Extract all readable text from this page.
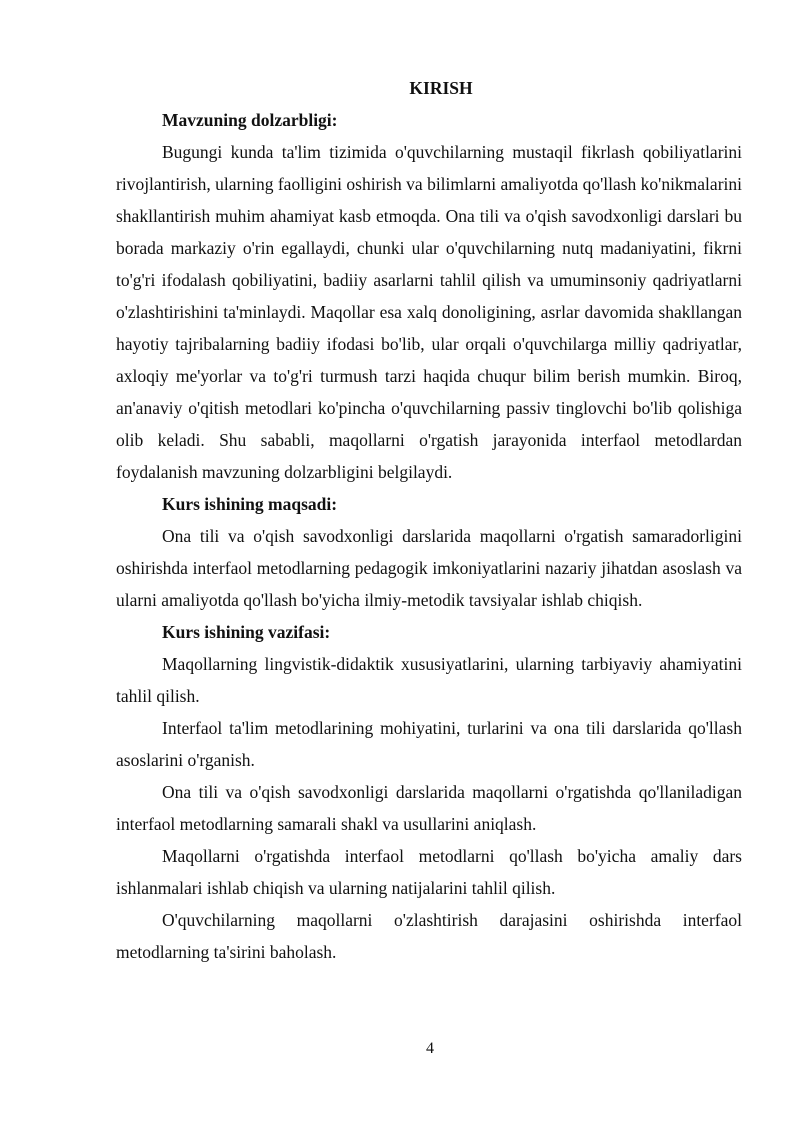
KIRISH

Mavzuning dolzarbligi:

Bugungi kunda ta'lim tizimida o'quvchilarning mustaqil fikrlash qobiliyatlarini rivojlantirish, ularning faolligini oshirish va bilimlarni amaliyotda qo'llash ko'nikmalarini shakllantirish muhim ahamiyat kasb etmoqda. Ona tili va o'qish savodxonligi darslari bu borada markaziy o'rin egallaydi, chunki ular o'quvchilarning nutq madaniyatini, fikrni to'g'ri ifodalash qobiliyatini, badiiy asarlarni tahlil qilish va umuminsoniy qadriyatlarni o'zlashtirishini ta'minlaydi. Maqollar esa xalq donoligining, asrlar davomida shakllangan hayotiy tajribalarning badiiy ifodasi bo'lib, ular orqali o'quvchilarga milliy qadriyatlar, axloqiy me'yorlar va to'g'ri turmush tarzi haqida chuqur bilim berish mumkin. Biroq, an'anaviy o'qitish metodlari ko'pincha o'quvchilarning passiv tinglovchi bo'lib qolishiga olib keladi. Shu sababli, maqollarni o'rgatish jarayonida interfaol metodlardan foydalanish mavzuning dolzarbligini belgilaydi.

Kurs ishining maqsadi:

Ona tili va o'qish savodxonligi darslarida maqollarni o'rgatish samaradorligini oshirishda interfaol metodlarning pedagogik imkoniyatlarini nazariy jihatdan asoslash va ularni amaliyotda qo'llash bo'yicha ilmiy-metodik tavsiyalar ishlab chiqish.

Kurs ishining vazifasi:

Maqollarning lingvistik-didaktik xususiyatlarini, ularning tarbiyaviy ahamiyatini tahlil qilish.

Interfaol ta'lim metodlarining mohiyatini, turlarini va ona tili darslarida qo'llash asoslarini o'rganish.

Ona tili va o'qish savodxonligi darslarida maqollarni o'rgatishda qo'llaniladigan interfaol metodlarning samarali shakl va usullarini aniqlash.

Maqollarni o'rgatishda interfaol metodlarni qo'llash bo'yicha amaliy dars ishlanmalari ishlab chiqish va ularning natijalarini tahlil qilish.

O'quvchilarning maqollarni o'zlashtirish darajasini oshirishda interfaol metodlarning ta'sirini baholash.

4
